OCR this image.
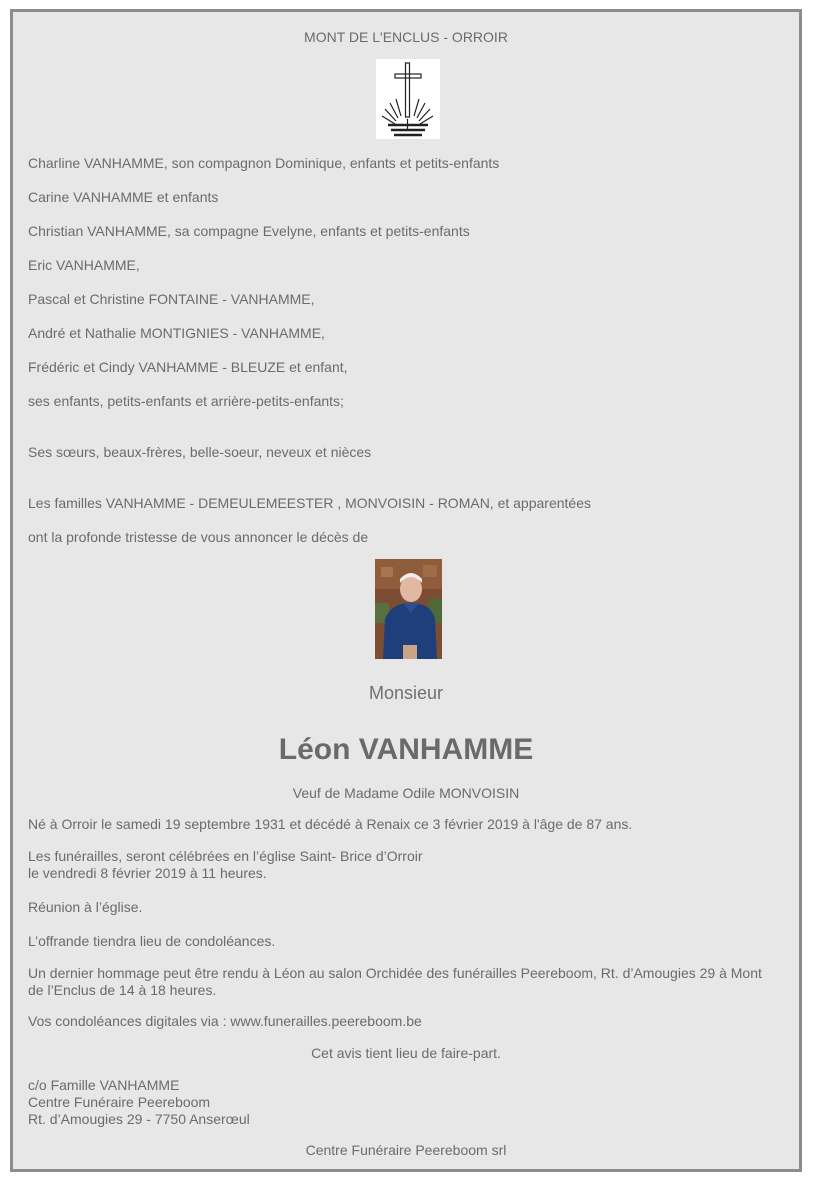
MONT DE L'ENCLUS - ORROIR

Charline VANHAMME, son compagnon Dominique, enfants et petits-enfants

Carine VANHAMME et enfants

Christian VANHAMME, sa compagne Evelyne, enfants et petits-enfants

Eric VANHAMME,

Pascal et Christine FONTAINE - VANHAMME,

André et Nathalie MONTIGNIES - VANHAMME,

Frédéric et Cindy VANHAMME - BLEUZE et enfant,

ses enfants, petits-enfants et arrière-petits-enfants;

Ses sœurs, beaux-frères, belle-soeur, neveux et nièces

Les familles VANHAMME - DEMEULEMEESTER , MONVOISIN - ROMAN, et apparentées

ont la profonde tristesse de vous annoncer le décès de

Monsieur

Léon VANHAMME

Veuf de Madame Odile MONVOISIN

Né à Orroir le samedi 19 septembre 1931 et décédé à Renaix ce 3 février 2019 à l'âge de 87 ans.

Les funérailles, seront célébrées en l’église Saint- Brice d’Orroir

le vendredi 8 février 2019 à 11 heures.

Réunion à l’église.

L’offrande tiendra lieu de condoléances.

Un dernier hommage peut être rendu à Léon au salon Orchidée des funérailles Peereboom, Rt. d’Amougies 29 à Mont

de l’Enclus de 14 à 18 heures.

Vos condoléances digitales via : www.funerailles.peereboom.be

Cet avis tient lieu de faire-part.

c/o Famille VANHAMME

Centre Funéraire Peereboom

Rt. d’Amougies 29 - 7750 Anserœul

Centre Funéraire Peereboom srl
